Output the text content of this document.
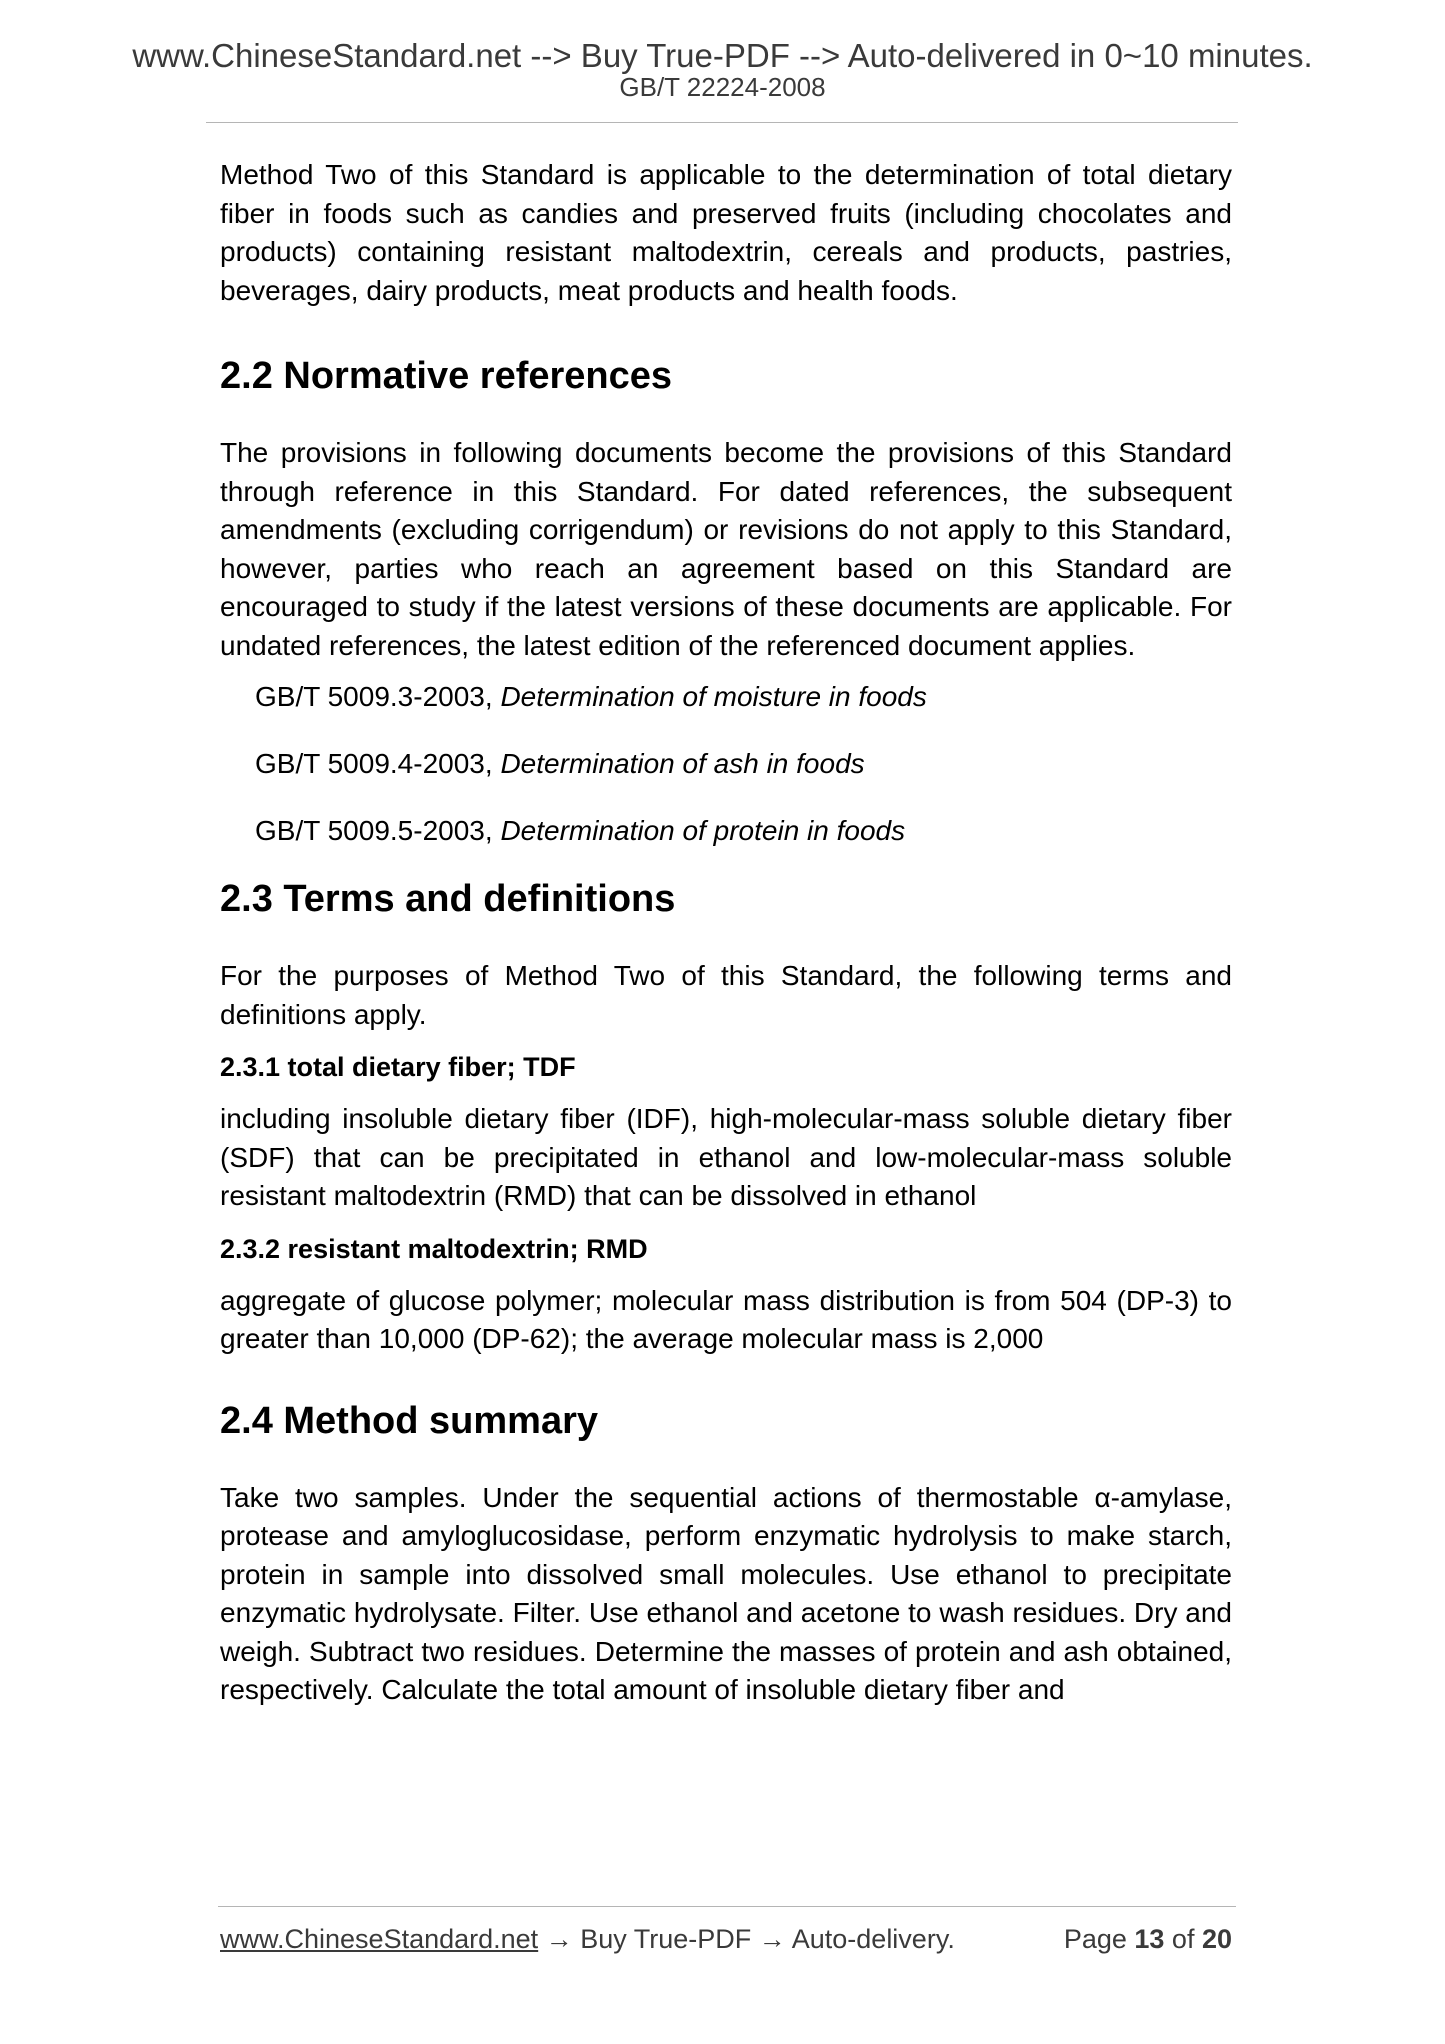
www.ChineseStandard.net --> Buy True-PDF --> Auto-delivered in 0~10 minutes.
GB/T 22224-2008

Method Two of this Standard is applicable to the determination of total dietary fiber in foods such as candies and preserved fruits (including chocolates and products) containing resistant maltodextrin, cereals and products, pastries, beverages, dairy products, meat products and health foods.

2.2 Normative references

The provisions in following documents become the provisions of this Standard through reference in this Standard. For dated references, the subsequent amendments (excluding corrigendum) or revisions do not apply to this Standard, however, parties who reach an agreement based on this Standard are encouraged to study if the latest versions of these documents are applicable. For undated references, the latest edition of the referenced document applies.

GB/T 5009.3-2003, Determination of moisture in foods

GB/T 5009.4-2003, Determination of ash in foods

GB/T 5009.5-2003, Determination of protein in foods

2.3 Terms and definitions

For the purposes of Method Two of this Standard, the following terms and definitions apply.

2.3.1 total dietary fiber; TDF

including insoluble dietary fiber (IDF), high-molecular-mass soluble dietary fiber (SDF) that can be precipitated in ethanol and low-molecular-mass soluble resistant maltodextrin (RMD) that can be dissolved in ethanol

2.3.2 resistant maltodextrin; RMD

aggregate of glucose polymer; molecular mass distribution is from 504 (DP-3) to greater than 10,000 (DP-62); the average molecular mass is 2,000

2.4 Method summary

Take two samples. Under the sequential actions of thermostable α-amylase, protease and amyloglucosidase, perform enzymatic hydrolysis to make starch, protein in sample into dissolved small molecules. Use ethanol to precipitate enzymatic hydrolysate. Filter. Use ethanol and acetone to wash residues. Dry and weigh. Subtract two residues. Determine the masses of protein and ash obtained, respectively. Calculate the total amount of insoluble dietary fiber and

www.ChineseStandard.net → Buy True-PDF → Auto-delivery.	Page 13 of 20
